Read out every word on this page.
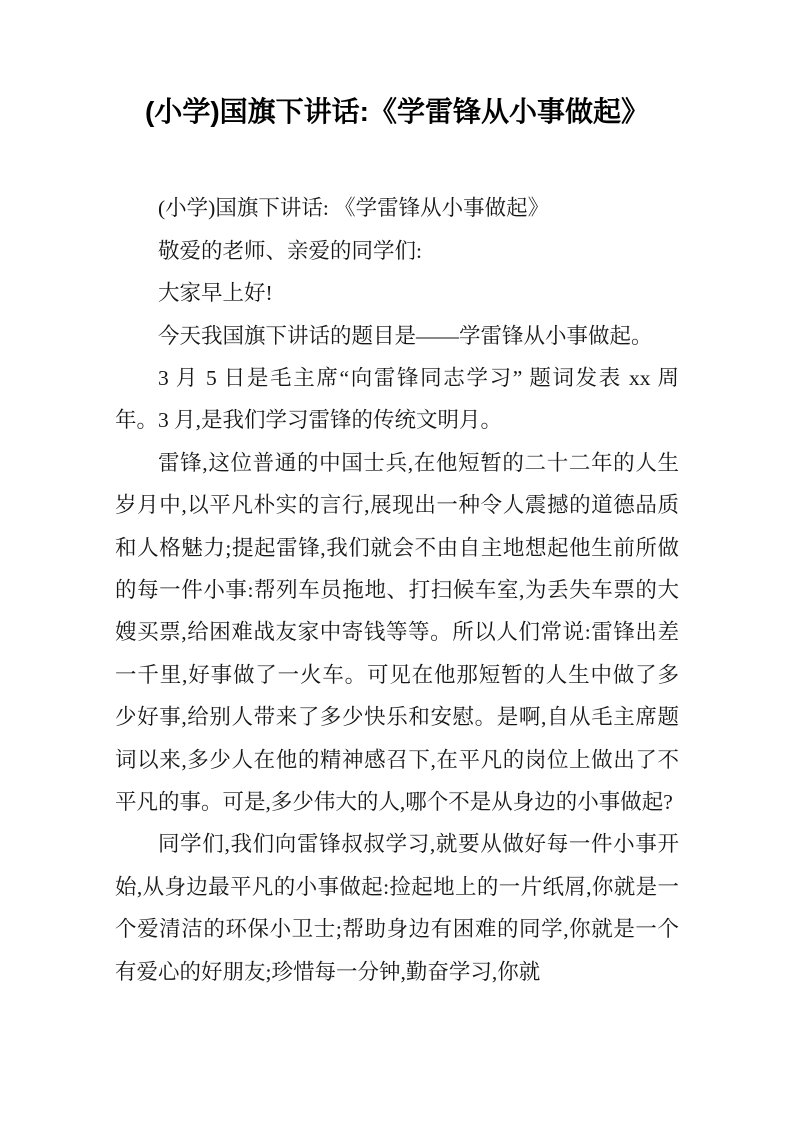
(小学)国旗下讲话:《学雷锋从小事做起》

(小学)国旗下讲话:​ 《学雷锋从小事做起》

敬爱的老师、亲爱的同学们:

大家早上好!

今天我国旗下讲话的题目是——学雷锋从小事做起。

3 月 5 日是毛主席“向雷锋同志学习” 题词发表 xx 周年。3 月,是我们学习雷锋的传统文明月。

雷锋,这位普通的中国士兵,在他短暂的二十二年的人生岁月中,以平凡朴实的言行,展现出一种令人震撼的道德品质和人格魅力;提起雷锋,我们就会不由自主地想起他生前所做的每一件小事:帮列车员拖地、打扫候车室,为丢失车票的大嫂买票,给困难战友家中寄钱等等。所以人们常说:雷锋出差一千里,好事做了一火车。可见在他那短暂的人生中做了多少好事,给别人带来了多少快乐和安慰。是啊,自从毛主席题词以来,多少人在他的精神感召下,在平凡的岗位上做出了不平凡的事。可是,多少伟大的人,哪个不是从身边的小事做起?

同学们,我们向雷锋叔叔学习,就要从做好每一件小事开始,从身边最平凡的小事做起:捡起地上的一片纸屑,你就是一个爱清洁的环保小卫士;帮助身边有困难的同学,你就是一个有爱心的好朋友;珍惜每一分钟,勤奋学习,你就
